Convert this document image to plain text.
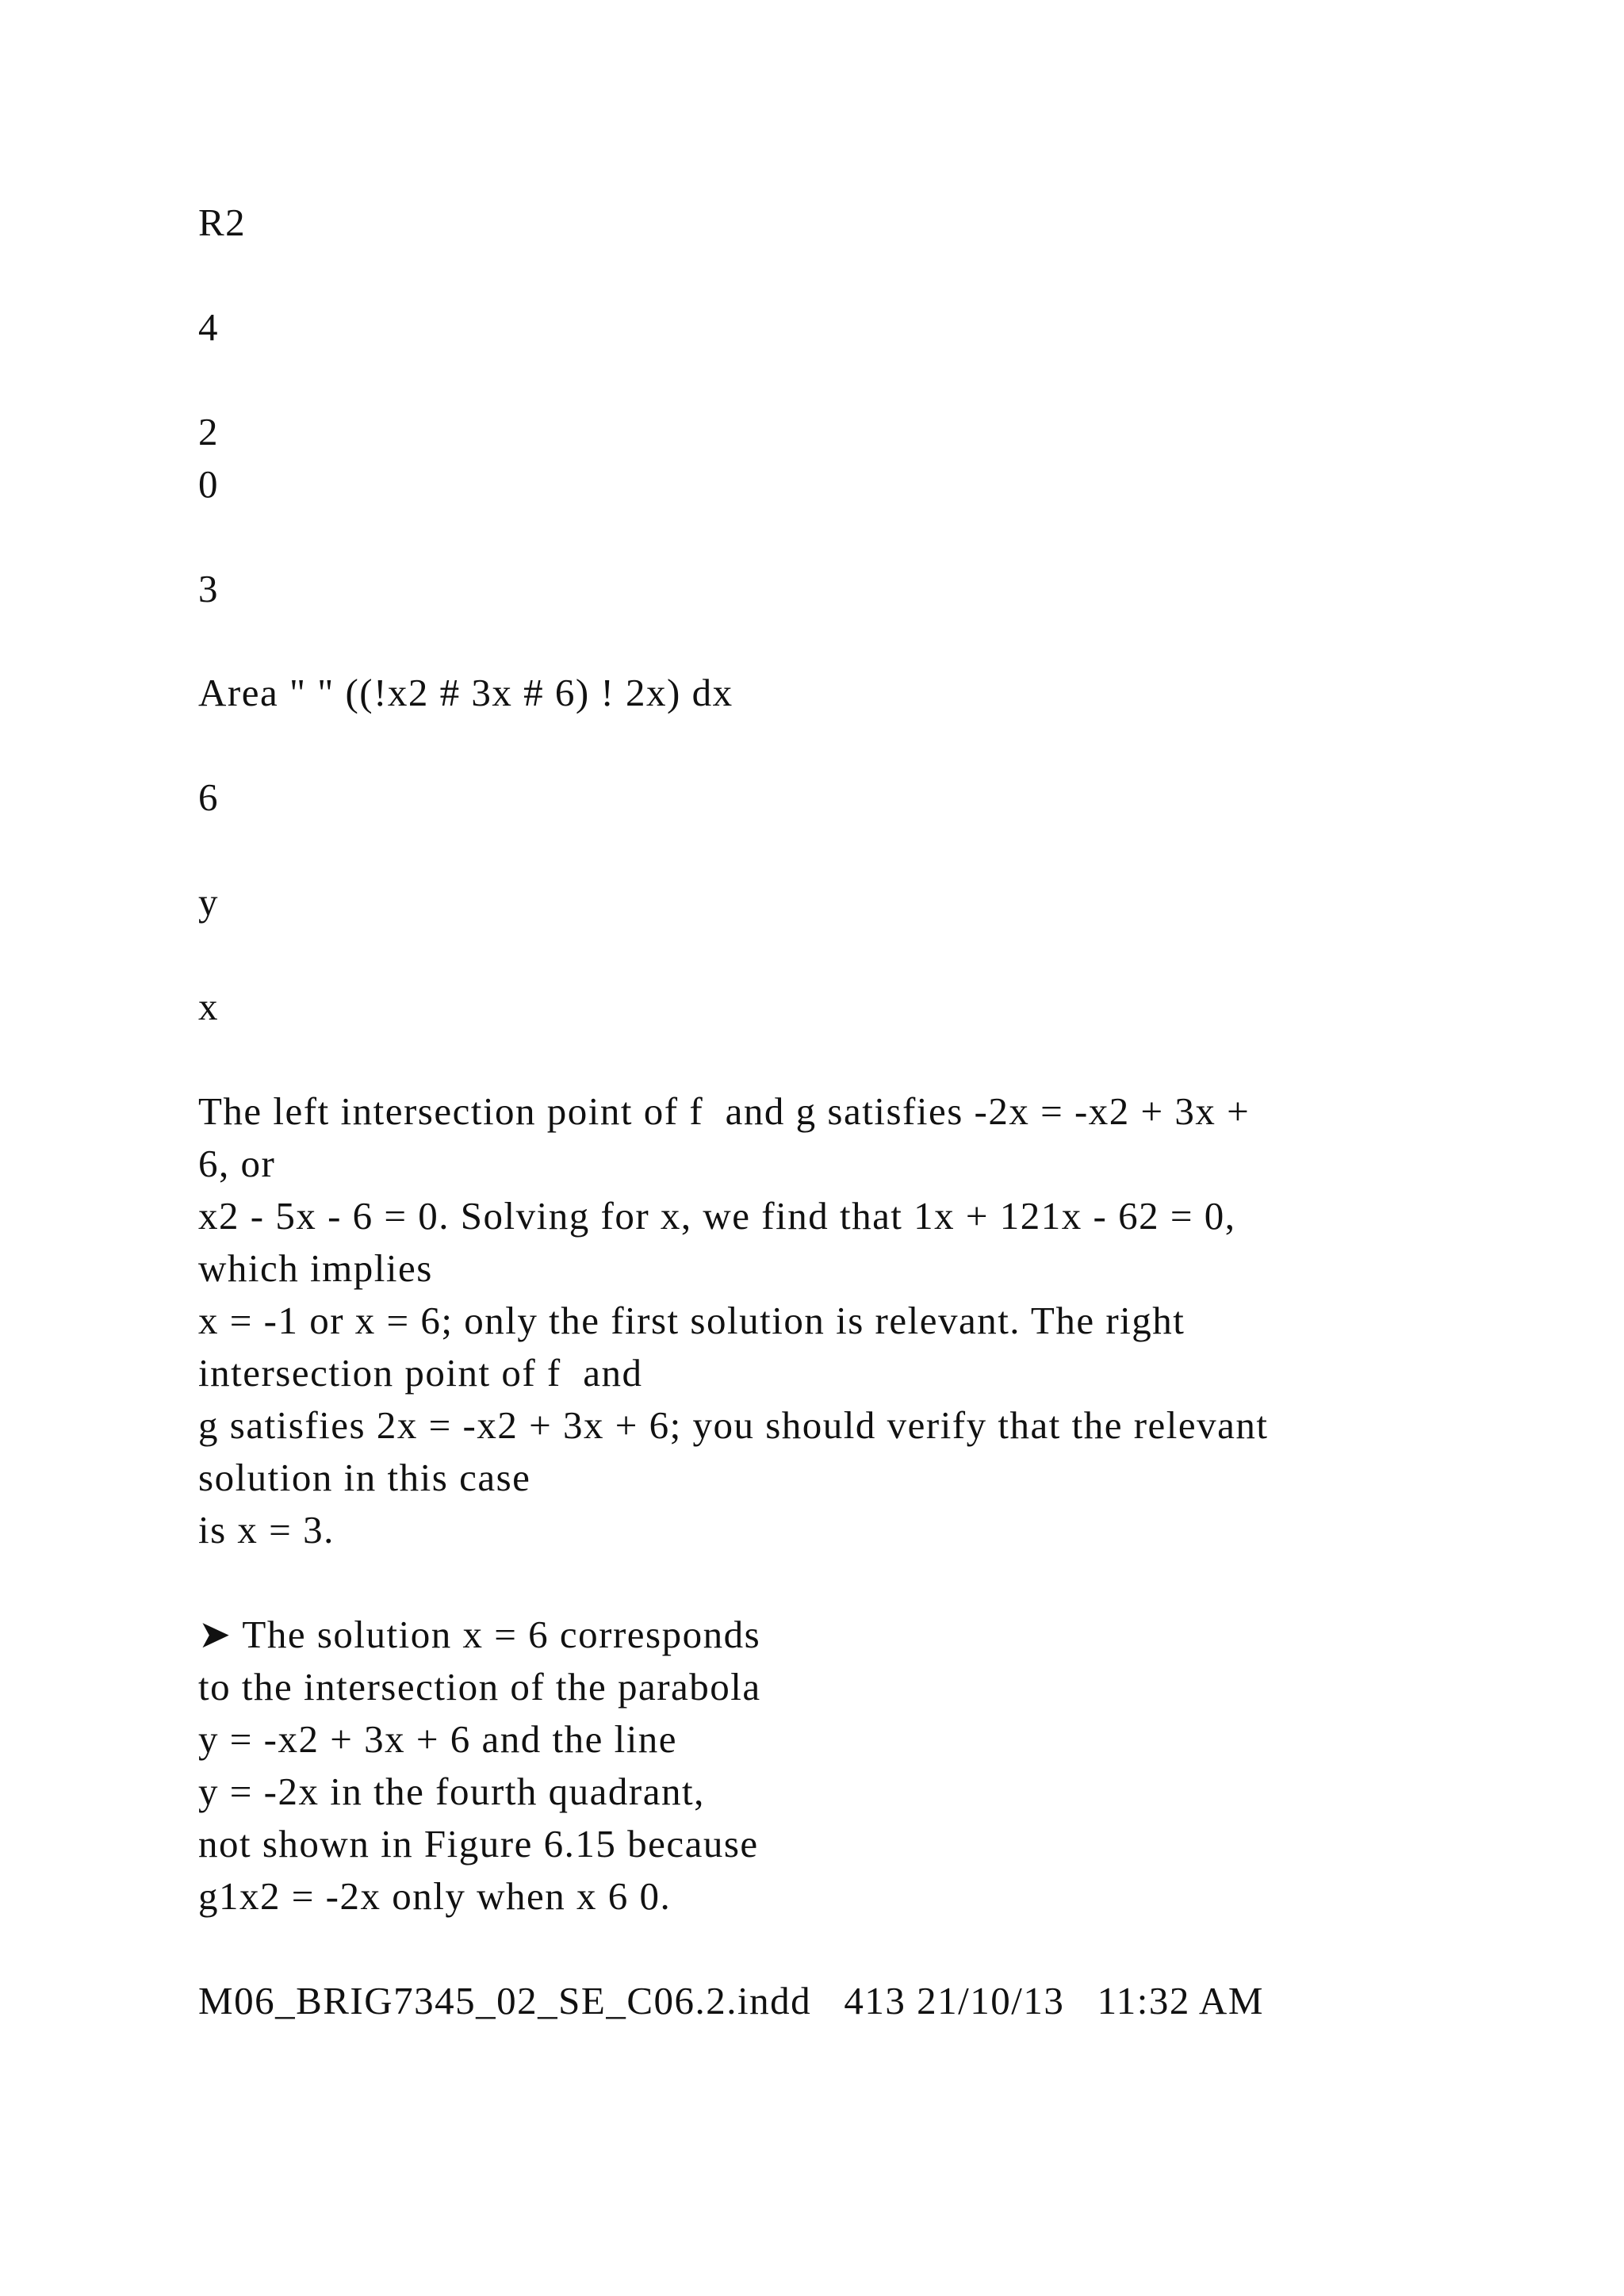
R2

4

2

0

3

Area " " ((!x2 # 3x # 6) ! 2x) dx

6

y

x

The left intersection point of f  and g satisfies -2x = -x2 + 3x +

6, or

x2 - 5x - 6 = 0. Solving for x, we find that 1x + 121x - 62 = 0,

which implies

x = -1 or x = 6; only the first solution is relevant. The right

intersection point of f  and

g satisfies 2x = -x2 + 3x + 6; you should verify that the relevant

solution in this case

is x = 3.

➤ The solution x = 6 corresponds

to the intersection of the parabola

y = -x2 + 3x + 6 and the line

y = -2x in the fourth quadrant,

not shown in Figure 6.15 because

g1x2 = -2x only when x 6 0.

M06_BRIG7345_02_SE_C06.2.indd   413 21/10/13   11:32 AM
